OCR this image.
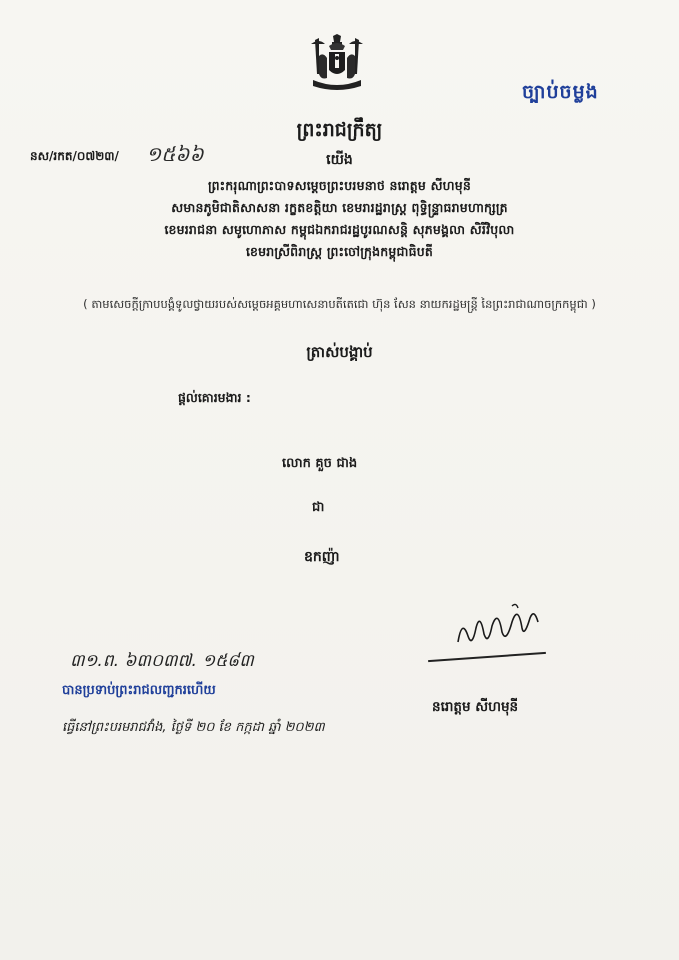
ច្បាប់ចម្លង
ព្រះរាជក្រឹត្យ
នស/រកត/០៧២៣/ ១៥៦៦	យើង
ព្រះករុណាព្រះបាទសម្តេចព្រះបរមនាថ នរោត្តម សីហមុនី
សមានភូមិជាតិសាសនា រក្ខតខត្តិយា ខេមរារដ្ឋរាស្ត្រ ពុទ្ធិន្ទ្រាធរាមហាក្សត្រ
ខេមររាជនា សមូហោភាស កម្ពុជឯករាជរដ្ឋបូរណសន្តិ សុភមង្គលា សិរីវិបុលា
ខេមរាស្រីពិរាស្ត្រ ព្រះចៅក្រុងកម្ពុជាធិបតី
( តាមសេចក្តីក្រាបបង្គំទូលថ្វាយរបស់សម្តេចអគ្គមហាសេនាបតីតេជោ ហ៊ុន សែន នាយករដ្ឋមន្ត្រី នៃព្រះរាជាណាចក្រកម្ពុជា )
ត្រាស់បង្គាប់
ផ្តល់គោរមងារ :
លោក គួច ជាង
ជា
ឧកញ៉ា
នរោត្តម សីហមុនី
៣១.ព. ៦៣០៣៧. ១៥៨៣
បានប្រទាប់ព្រះរាជលញ្ជករហើយ
ធ្វើនៅព្រះបរមរាជវាំង, ថ្ងៃទី ២០ ខែ កក្កដា ឆ្នាំ ២០២៣
